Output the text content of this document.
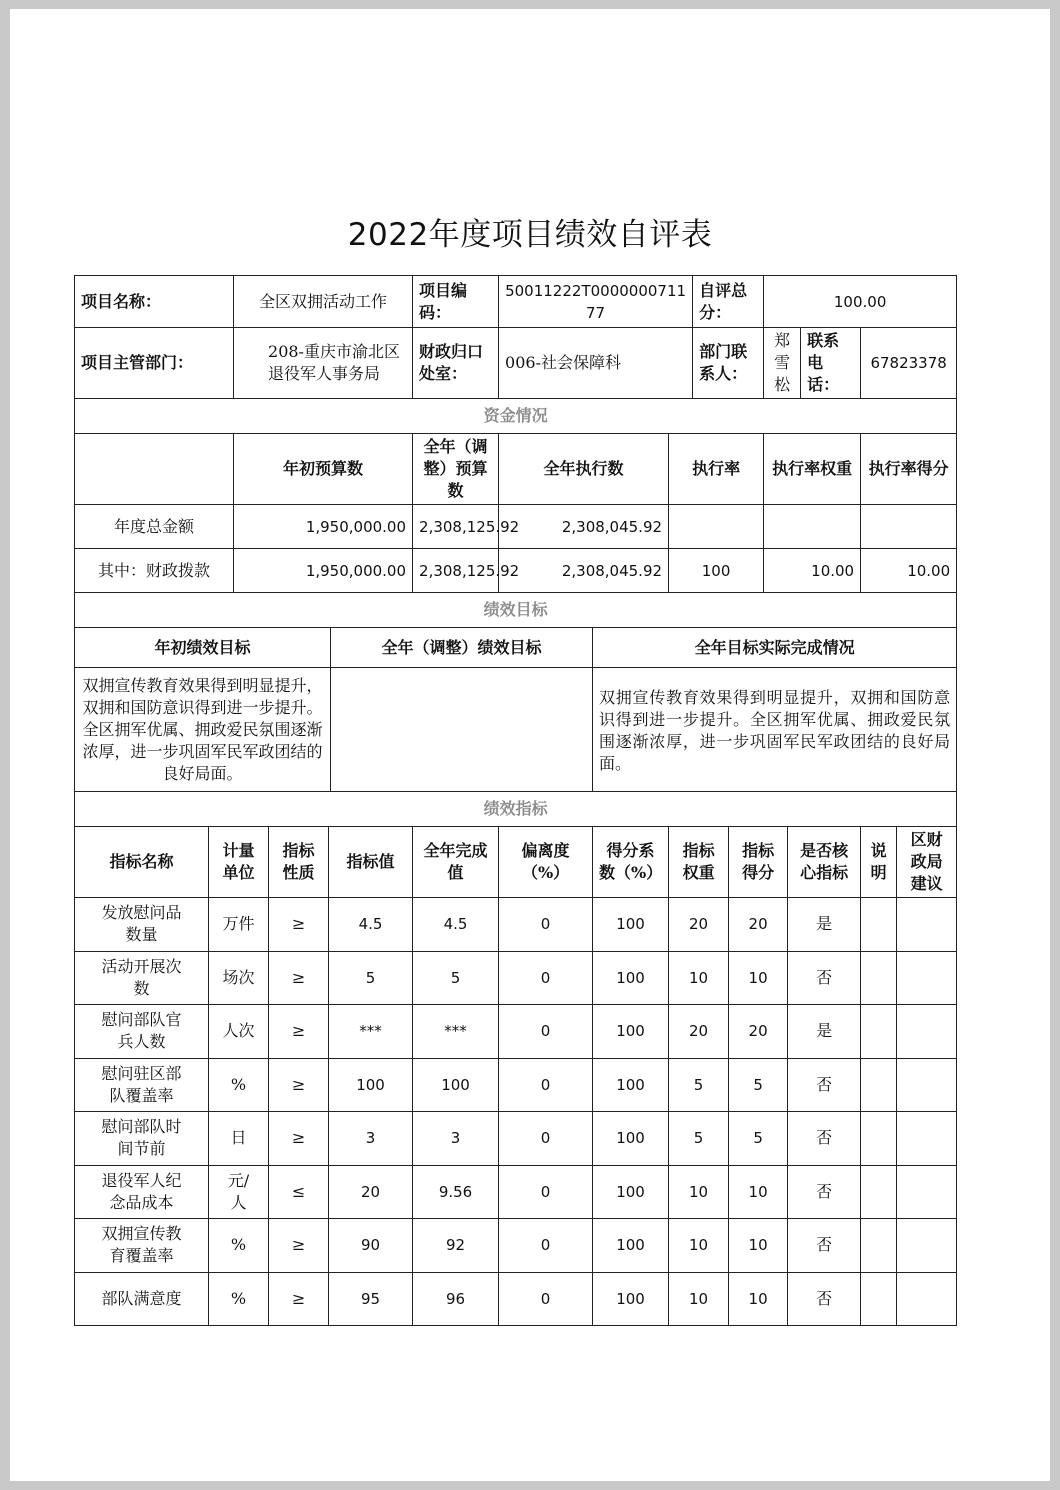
2022年度项目绩效自评表
项目名称：		全区双拥活动工作				项目编码：	50011222T000000071177			自评总分：		100.00				
项目主管部门：		208-重庆市渝北区退役军人事务局				财政归口处室：	006-社会保障科			部门联系人：		郑雪松		联系电话：	67823378	
资金情况																
		年初预算数				全年（调整）预算数	全年执行数		执行率			执行率权重			执行率得分	
年度总金额		1,950,000.00				2,308,125.92	2,308,045.92									
其中：财政拨款		1,950,000.00				2,308,125.92	2,308,045.92		100			10.00			10.00	
绩效目标																
年初绩效目标					全年（调整）绩效目标			全年目标实际完成情况								
双拥宣传教育效果得到明显提升，双拥和国防意识得到进一步提升。全区拥军优属、拥政爱民氛围逐渐浓厚，进一步巩固军民军政团结的良好局面。								双拥宣传教育效果得到明显提升，双拥和国防意识得到进一步提升。全区拥军优属、拥政爱民氛围逐渐浓厚，进一步巩固军民军政团结的良好局面。								
绩效指标																
指标名称	计量单位		指标性质	指标值		全年完成值	偏离度（%）	得分系数（%）	指标权重		指标得分		是否核心指标		说明	区财政局建议
发放慰问品数量	万件		≥	4.5		4.5	0	100	20		20		是			
活动开展次数	场次		≥	5		5	0	100	10		10		否			
慰问部队官兵人数	人次		≥	***		***	0	100	20		20		是			
慰问驻区部队覆盖率	%		≥	100		100	0	100	5		5		否			
慰问部队时间节前	日		≥	3		3	0	100	5		5		否			
退役军人纪念品成本	元/人		≤	20		9.56	0	100	10		10		否			
双拥宣传教育覆盖率	%		≥	90		92	0	100	10		10		否			
部队满意度	%		≥	95		96	0	100	10		10		否			
